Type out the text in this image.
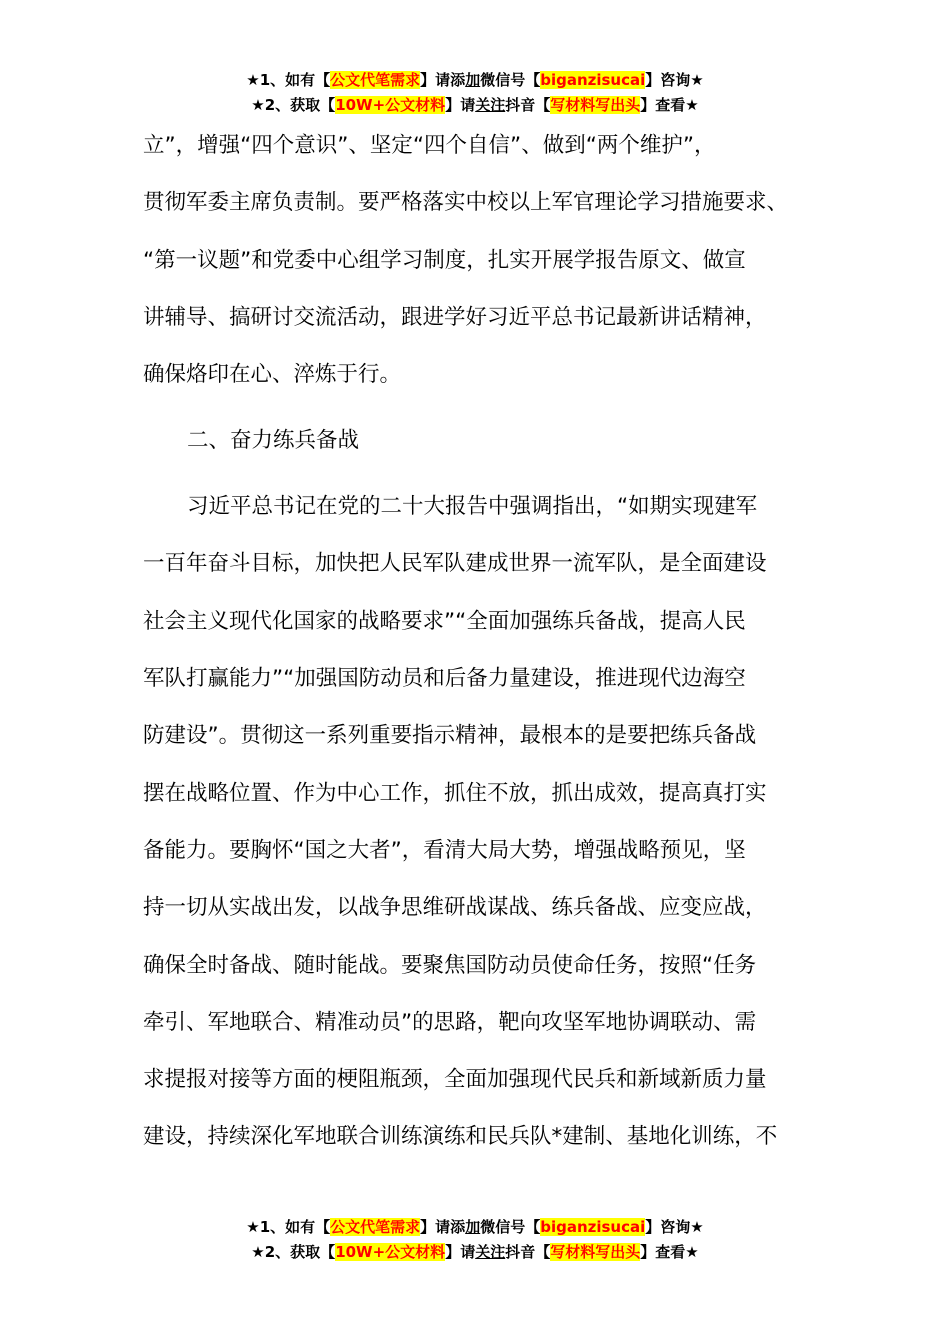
★1、如有【公文代笔需求】请添加微信号【biganzisucai】咨询★
★2、获取【10W+公文材料】请关注抖音【写材料写出头】查看★
立”，增强“四个意识”、坚定“四个自信”、做到“两个维护”，
贯彻军委主席负责制。要严格落实中校以上军官理论学习措施要求、
“第一议题”和党委中心组学习制度，扎实开展学报告原文、做宣
讲辅导、搞研讨交流活动，跟进学好习近平总书记最新讲话精神，
确保烙印在心、淬炼于行。
二、奋力练兵备战
习近平总书记在党的二十大报告中强调指出，“如期实现建军
一百年奋斗目标，加快把人民军队建成世界一流军队，是全面建设
社会主义现代化国家的战略要求”“全面加强练兵备战，提高人民
军队打赢能力”“加强国防动员和后备力量建设，推进现代边海空
防建设”。贯彻这一系列重要指示精神，最根本的是要把练兵备战
摆在战略位置、作为中心工作，抓住不放，抓出成效，提高真打实
备能力。要胸怀“国之大者”，看清大局大势，增强战略预见，坚
持一切从实战出发，以战争思维研战谋战、练兵备战、应变应战，
确保全时备战、随时能战。要聚焦国防动员使命任务，按照“任务
牵引、军地联合、精准动员”的思路，靶向攻坚军地协调联动、需
求提报对接等方面的梗阻瓶颈，全面加强现代民兵和新域新质力量
建设，持续深化军地联合训练演练和民兵队*建制、基地化训练，不
★1、如有【公文代笔需求】请添加微信号【biganzisucai】咨询★
★2、获取【10W+公文材料】请关注抖音【写材料写出头】查看★
